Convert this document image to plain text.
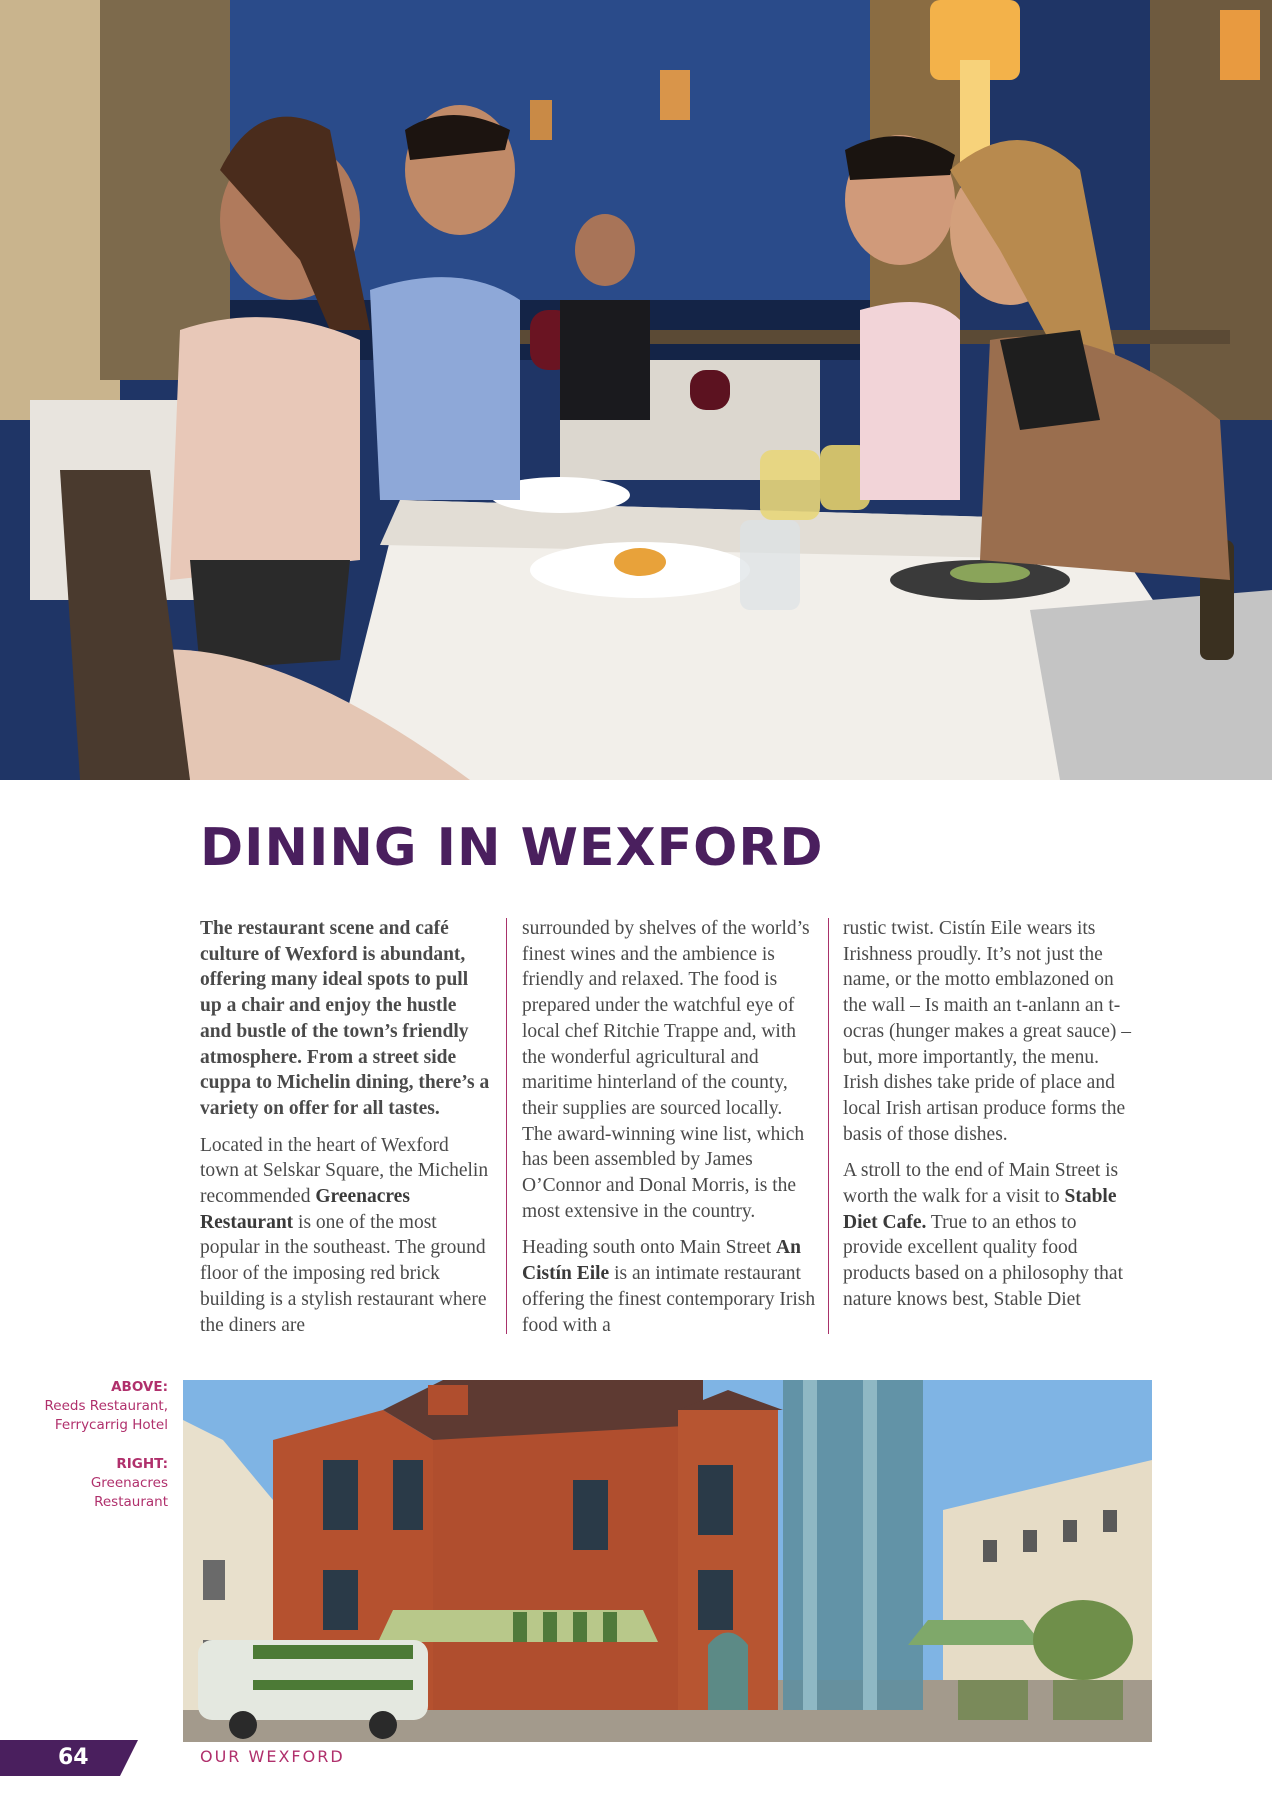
DINING IN WEXFORD

The restaurant scene and café culture of Wexford is abundant, offering many ideal spots to pull up a chair and enjoy the hustle and bustle of the town’s friendly atmosphere. From a street side cuppa to Michelin dining, there’s a variety on offer for all tastes.

Located in the heart of Wexford town at Selskar Square, the Michelin recommended Greenacres Restaurant is one of the most popular in the southeast. The ground floor of the imposing red brick building is a stylish restaurant where the diners are

surrounded by shelves of the world’s finest wines and the ambience is friendly and relaxed. The food is prepared under the watchful eye of local chef Ritchie Trappe and, with the wonderful agricultural and maritime hinterland of the county, their supplies are sourced locally. The award-winning wine list, which has been assembled by James O’Connor and Donal Morris, is the most extensive in the country.

Heading south onto Main Street An Cistín Eile is an intimate restaurant offering the finest contemporary Irish food with a

rustic twist. Cistín Eile wears its Irishness proudly. It’s not just the name, or the motto emblazoned on the wall – Is maith an t-anlann an t-ocras (hunger makes a great sauce) – but, more importantly, the menu. Irish dishes take pride of place and local Irish artisan produce forms the basis of those dishes.

A stroll to the end of Main Street is worth the walk for a visit to Stable Diet Cafe. True to an ethos to provide excellent quality food products based on a philosophy that nature knows best, Stable Diet

ABOVE:
Reeds Restaurant,
Ferrycarrig Hotel
RIGHT:
Greenacres
Restaurant
64	OUR WEXFORD
